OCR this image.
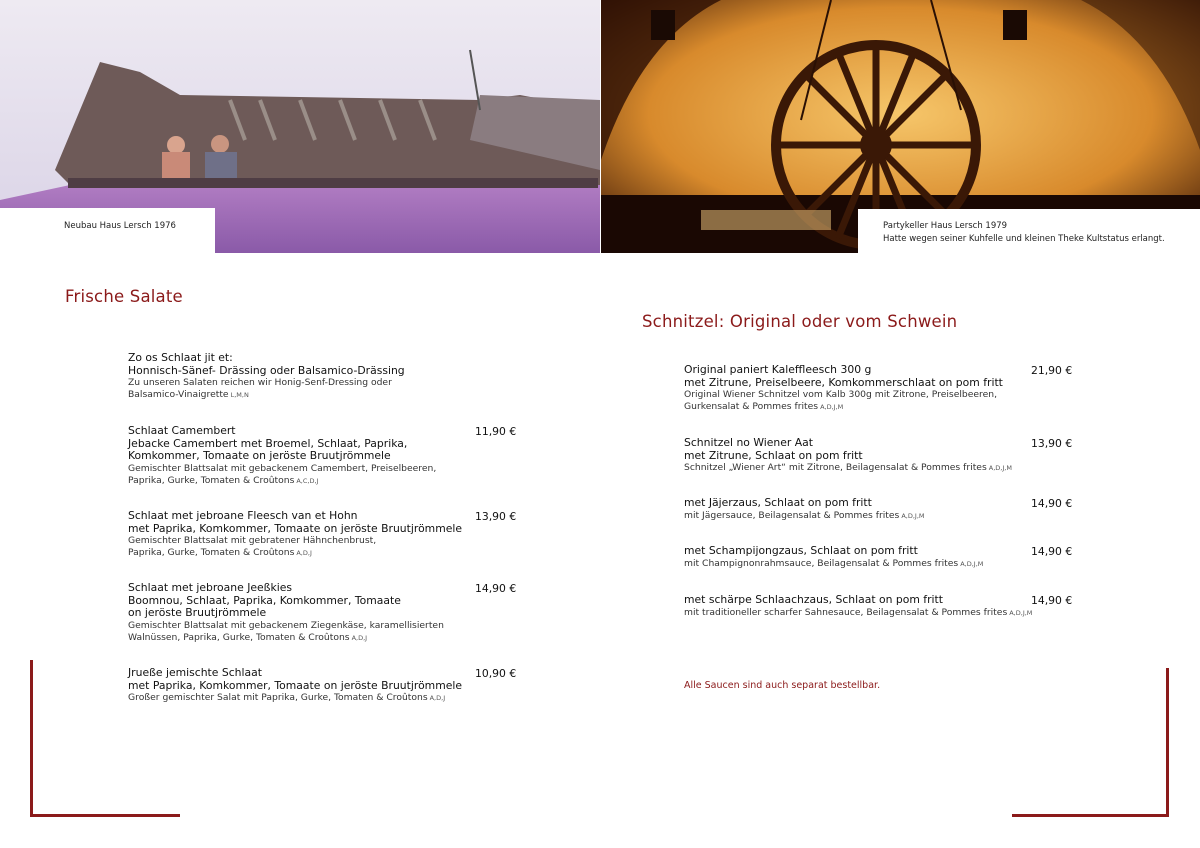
Neubau Haus Lersch 1976	Partykeller Haus Lersch 1979
Hatte wegen seiner Kuhfelle und kleinen Theke Kultstatus erlangt.
Frische Salate
Schnitzel: Original oder vom Schwein
Zo os Schlaat jit et:
Honnisch-Sänef- Drässing oder Balsamico-Drässing
Zu unseren Salaten reichen wir Honig-Senf-Dressing oder
Balsamico-Vinaigrette L,M,N
Schlaat Camembert
Jebacke Camembert met Broemel, Schlaat, Paprika,
Komkommer, Tomaate on jeröste Bruutjrömmele
Gemischter Blattsalat mit gebackenem Camembert, Preiselbeeren,
Paprika, Gurke, Tomaten & Croûtons A,C,D,J
11,90 €
Schlaat met jebroane Fleesch van et Hohn
met Paprika, Komkommer, Tomaate on jeröste Bruutjrömmele
Gemischter Blattsalat mit gebratener Hähnchenbrust,
Paprika, Gurke, Tomaten & Croûtons A,D,J
13,90 €
Schlaat met jebroane Jeeßkies
Boomnou, Schlaat, Paprika, Komkommer, Tomaate
on jeröste Bruutjrömmele
Gemischter Blattsalat mit gebackenem Ziegenkäse, karamellisierten
Walnüssen, Paprika, Gurke, Tomaten & Croûtons A,D,J
14,90 €
Jrueße jemischte Schlaat
met Paprika, Komkommer, Tomaate on jeröste Bruutjrömmele
Großer gemischter Salat mit Paprika, Gurke, Tomaten & Croûtons A,D,J
10,90 €
Original paniert Kaleffleesch 300 g
met Zitrune, Preiselbeere, Komkommerschlaat on pom fritt
Original Wiener Schnitzel vom Kalb 300g mit Zitrone, Preiselbeeren,
Gurkensalat & Pommes frites A,D,J,M
21,90 €
Schnitzel no Wiener Aat
met Zitrune, Schlaat on pom fritt
Schnitzel „Wiener Art“ mit Zitrone, Beilagensalat & Pommes frites A,D,J,M
13,90 €
met Jäjerzaus, Schlaat on pom fritt
mit Jägersauce, Beilagensalat & Pommes frites A,D,J,M
14,90 €
met Schampijongzaus, Schlaat on pom fritt
mit Champignonrahmsauce, Beilagensalat & Pommes frites A,D,J,M
14,90 €
met schärpe Schlaachzaus, Schlaat on pom fritt
mit traditioneller scharfer Sahnesauce, Beilagensalat & Pommes frites A,D,J,M
14,90 €
Alle Saucen sind auch separat bestellbar.
